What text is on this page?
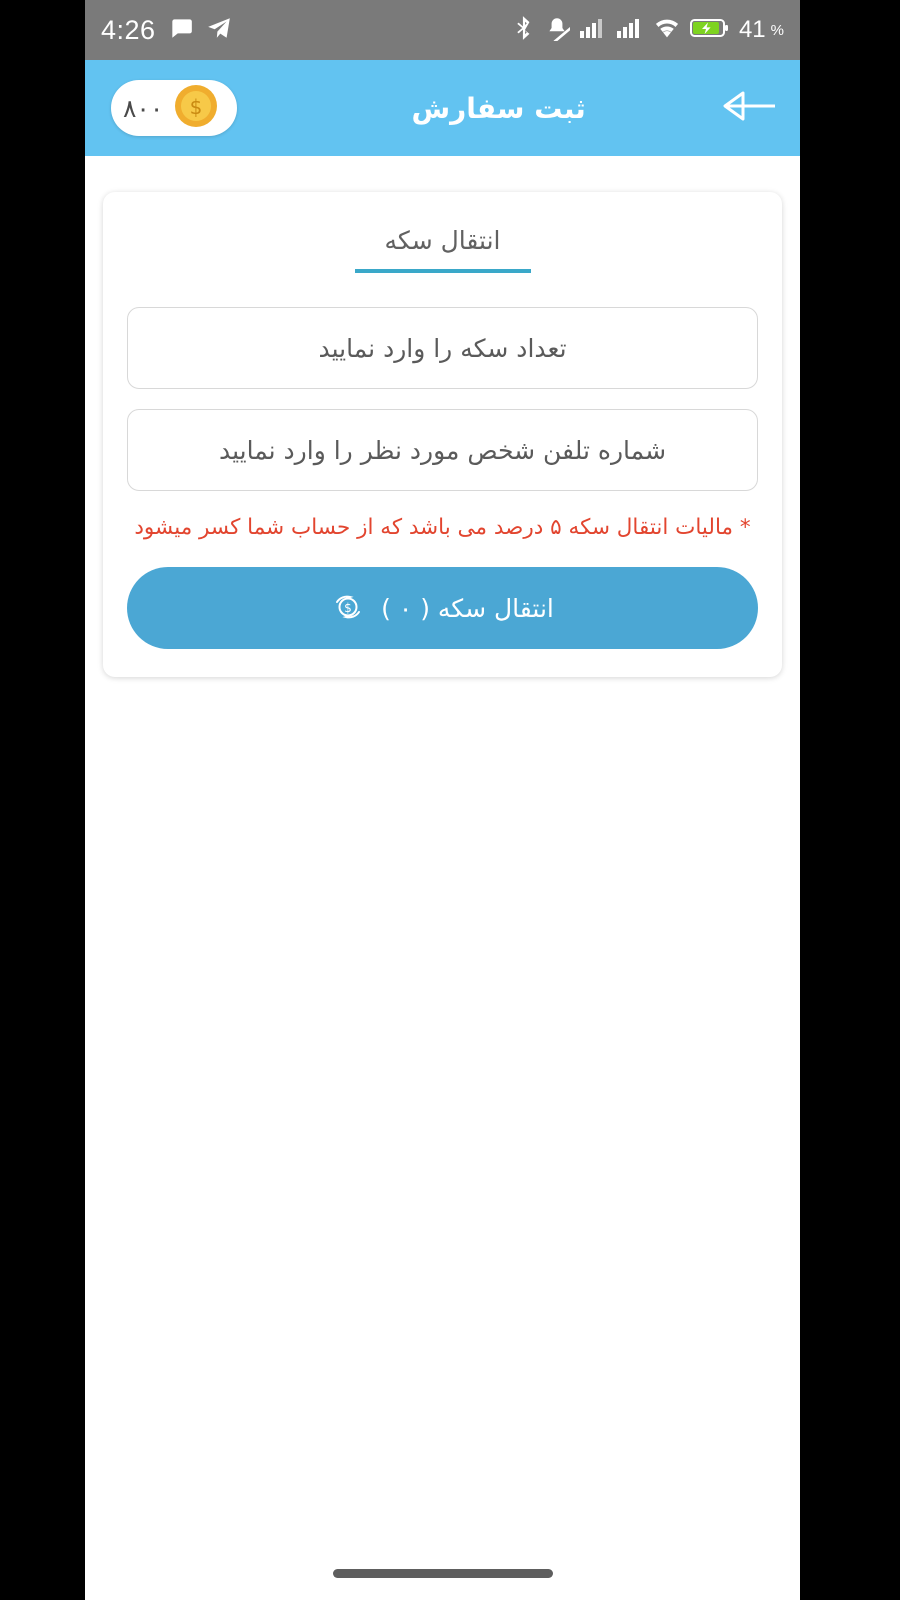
4:26	41 %
ثبت سفارش
$
۸۰۰
انتقال سکه
تعداد سکه را وارد نمایید
شماره تلفن شخص مورد نظر را وارد نمایید
* مالیات انتقال سکه ۵ درصد می باشد که از حساب شما کسر میشود
انتقال سکه ( ۰ )
$
